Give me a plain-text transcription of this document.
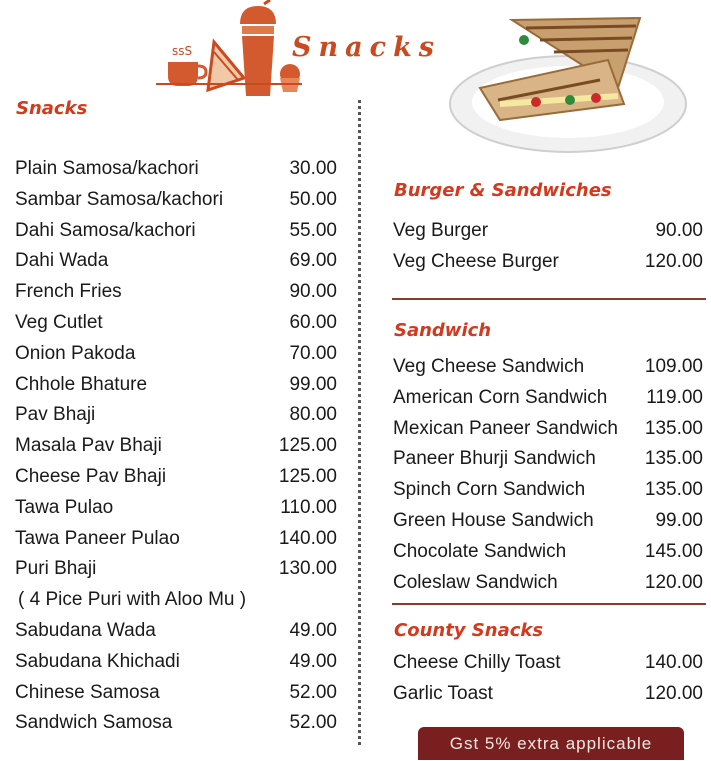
ssS	Snacks
Snacks
Plain Samosa/kachori	30.00
Sambar Samosa/kachori	50.00
Dahi Samosa/kachori	55.00
Dahi Wada	69.00
French Fries	90.00
Veg Cutlet	60.00
Onion Pakoda	70.00
Chhole Bhature	99.00
Pav Bhaji	80.00
Masala Pav Bhaji	125.00
Cheese Pav Bhaji	125.00
Tawa Pulao	110.00
Tawa Paneer Pulao	140.00
Puri Bhaji	130.00
( 4 Pice Puri with Aloo Mu )
Sabudana Wada	49.00
Sabudana Khichadi	49.00
Chinese Samosa	52.00
Sandwich Samosa	52.00
Burger & Sandwiches
Veg Burger	90.00
Veg Cheese Burger	120.00
Sandwich
Veg Cheese Sandwich	109.00
American Corn Sandwich 119.00
Mexican Paneer Sandwich 135.00
Paneer Bhurji Sandwich	135.00
Spinch Corn Sandwich	135.00
Green House Sandwich	99.00
Chocolate Sandwich	145.00
Coleslaw Sandwich	120.00
County Snacks
Cheese Chilly Toast	140.00
Garlic Toast	120.00
Gst 5% extra applicable
